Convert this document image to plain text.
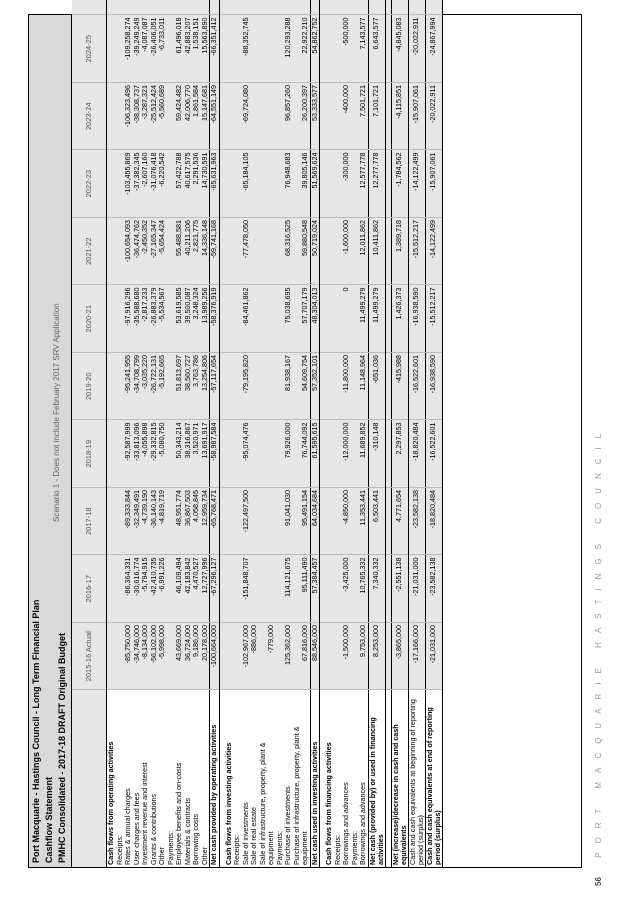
Port Macquarie - Hastings Council - Long Term Financial Plan Cashflow Statement PMHC Consolidated - 2017-18 DRAFT Original Budget
Scenario 1 - Does not include February 2017 SRV Application
	2015-16 Actual	2016-17	2017-18	2018-19	2019-20	2020-21	2021-22	2022-23	2023-24	2024-25		
Cash flows from operating activities												
Receipts:												
Rates & annual charges	-85,750,000	-86,364,331	-89,333,844	-92,587,999	-95,241,955	-97,916,296	-100,654,093	-103,455,869	-106,323,496	-109,258,274		
User charges and fees	-34,746,000	-30,616,774	-32,349,491	-33,813,096	-34,708,799	-35,588,680	-36,474,762	-37,382,345	-38,308,737	-39,249,249		
Investment revenue and interest	-8,134,000	-5,794,915	-4,739,190	-4,055,898	-3,035,220	-2,817,233	-2,450,352	-2,607,160	-3,287,321	-4,087,087		
Grants & contributions	-56,102,000	-42,410,735	-36,140,143	-29,332,815	-26,722,131	-26,883,379	-27,165,347	-31,076,418	-25,512,424	-26,406,051		
Other	-5,998,000	-6,991,226	-4,819,719	-5,080,750	-5,192,665	-5,534,567	-5,654,424	-6,220,542	-5,560,689	-6,733,011		
Payments:												
Employee benefits and on-costs	43,669,000	46,109,494	48,951,774	50,343,214	51,813,697	53,619,585	55,488,581	57,422,788	59,424,482	61,496,018		
Materials & contracts	36,724,000	42,183,842	36,867,503	38,316,867	38,560,727	39,500,087	40,211,206	40,617,575	42,006,770	42,883,207		
Borrowing costs	9,186,000	4,470,527	4,058,845	3,520,971	3,763,786	3,248,324	2,821,775	2,291,536	1,861,584	1,538,151		
Other	20,178,000	12,727,996	12,959,734	13,691,917	13,254,806	13,989,256	14,336,148	14,730,591	15,147,681	15,563,890		
Net cash provided by operating activities	-100,664,000	-67,296,127	-65,768,471	-58,987,584	-57,117,654	-58,376,919	-59,741,168	-65,631,963	-64,551,149	-66,351,412		

Cash flows from investing activities												
Receipts:												
Sale of investments	-102,967,000	-151,848,707	-122,497,500	-95,074,476	-79,195,820	-84,461,862	-77,478,050	-65,184,105	-69,724,080	-88,352,745		
Sale of real estate	-886,000											
Sale of infrastructure, property, plant &												
equipment	-779,000											
Payments:												
Purchase of investments	125,362,000	114,121,675	91,041,030	79,926,000	81,938,167	75,038,695	68,316,525	76,948,683	96,857,260	120,293,288		
Purchase of infrastructure, property, plant &												
equipment	67,816,000	95,111,490	95,491,154	76,744,092	54,609,754	57,707,179	59,880,548	39,805,146	26,200,397	22,922,210		
Net cash used in investing activities	88,546,000	57,384,457	64,034,684	61,595,615	57,352,101	48,304,013	50,719,024	51,569,624	53,333,577	54,862,752		

Cash flows from financing activities												
Receipts:												
Borrowings and advances	-1,500,000	-3,425,000	-4,850,000	-12,000,000	-11,800,000	0	-1,600,000	-300,000	-400,000	-500,000		
Payments:												
Borrowings and advances	9,753,000	10,765,332	11,353,441	11,689,852	11,148,964	11,499,279	12,011,862	12,577,778	7,501,721	7,143,577		
Net cash (provided by) or used in financing activities	8,253,000	7,340,332	6,503,441	-310,148	-651,036	11,499,279	10,411,862	12,277,778	7,101,721	6,643,577		

Net (increase)/decrease in cash and cash equivalents	-3,865,000	-2,551,138	4,771,654	2,297,853	-415,988	1,426,373	1,389,718	-1,784,562	-4,115,851	-4,845,083		
Cash and cash equivalents at beginning of reporting period (surplus)	-17,166,000	-21,031,000	-23,582,138	-18,820,484	-16,522,601	-16,938,590	-15,512,217	-14,122,499	-15,907,061	-20,022,911		
Cash and cash equivalents at end of reporting period (surplus)	-21,031,000	-23,582,138	-18,820,484	-16,522,601	-16,938,590	-15,512,217	-14,122,499	-15,907,061	-20,022,911	-24,867,994		
56 PORT MACQUARIE HASTINGS COUNCIL
